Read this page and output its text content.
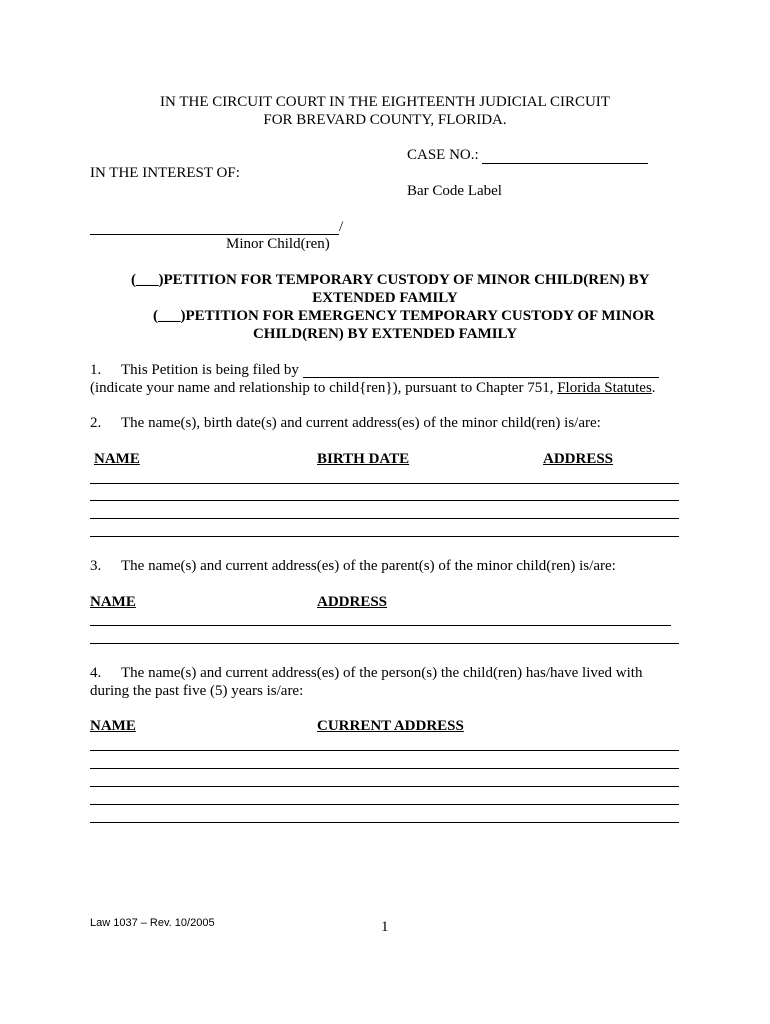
IN THE CIRCUIT COURT IN THE EIGHTEENTH JUDICIAL CIRCUIT
FOR BREVARD COUNTY, FLORIDA.
CASE NO.:
IN THE INTEREST OF:
Bar Code Label
/
Minor Child(ren)
(___)PETITION FOR TEMPORARY CUSTODY OF MINOR CHILD(REN) BY
EXTENDED FAMILY
(___)PETITION FOR EMERGENCY TEMPORARY CUSTODY OF MINOR
CHILD(REN) BY EXTENDED FAMILY
1. This Petition is being filed by
(indicate your name and relationship to child{ren}), pursuant to Chapter 751, Florida Statutes.
2. The name(s), birth date(s) and current address(es) of the minor child(ren) is/are:
NAME	BIRTH DATE	ADDRESS
3. The name(s) and current address(es) of the parent(s) of the minor child(ren) is/are:
NAME	ADDRESS
4. The name(s) and current address(es) of the person(s) the child(ren) has/have lived with
during the past five (5) years is/are:
NAME	CURRENT ADDRESS
Law 1037 – Rev. 10/2005	1
